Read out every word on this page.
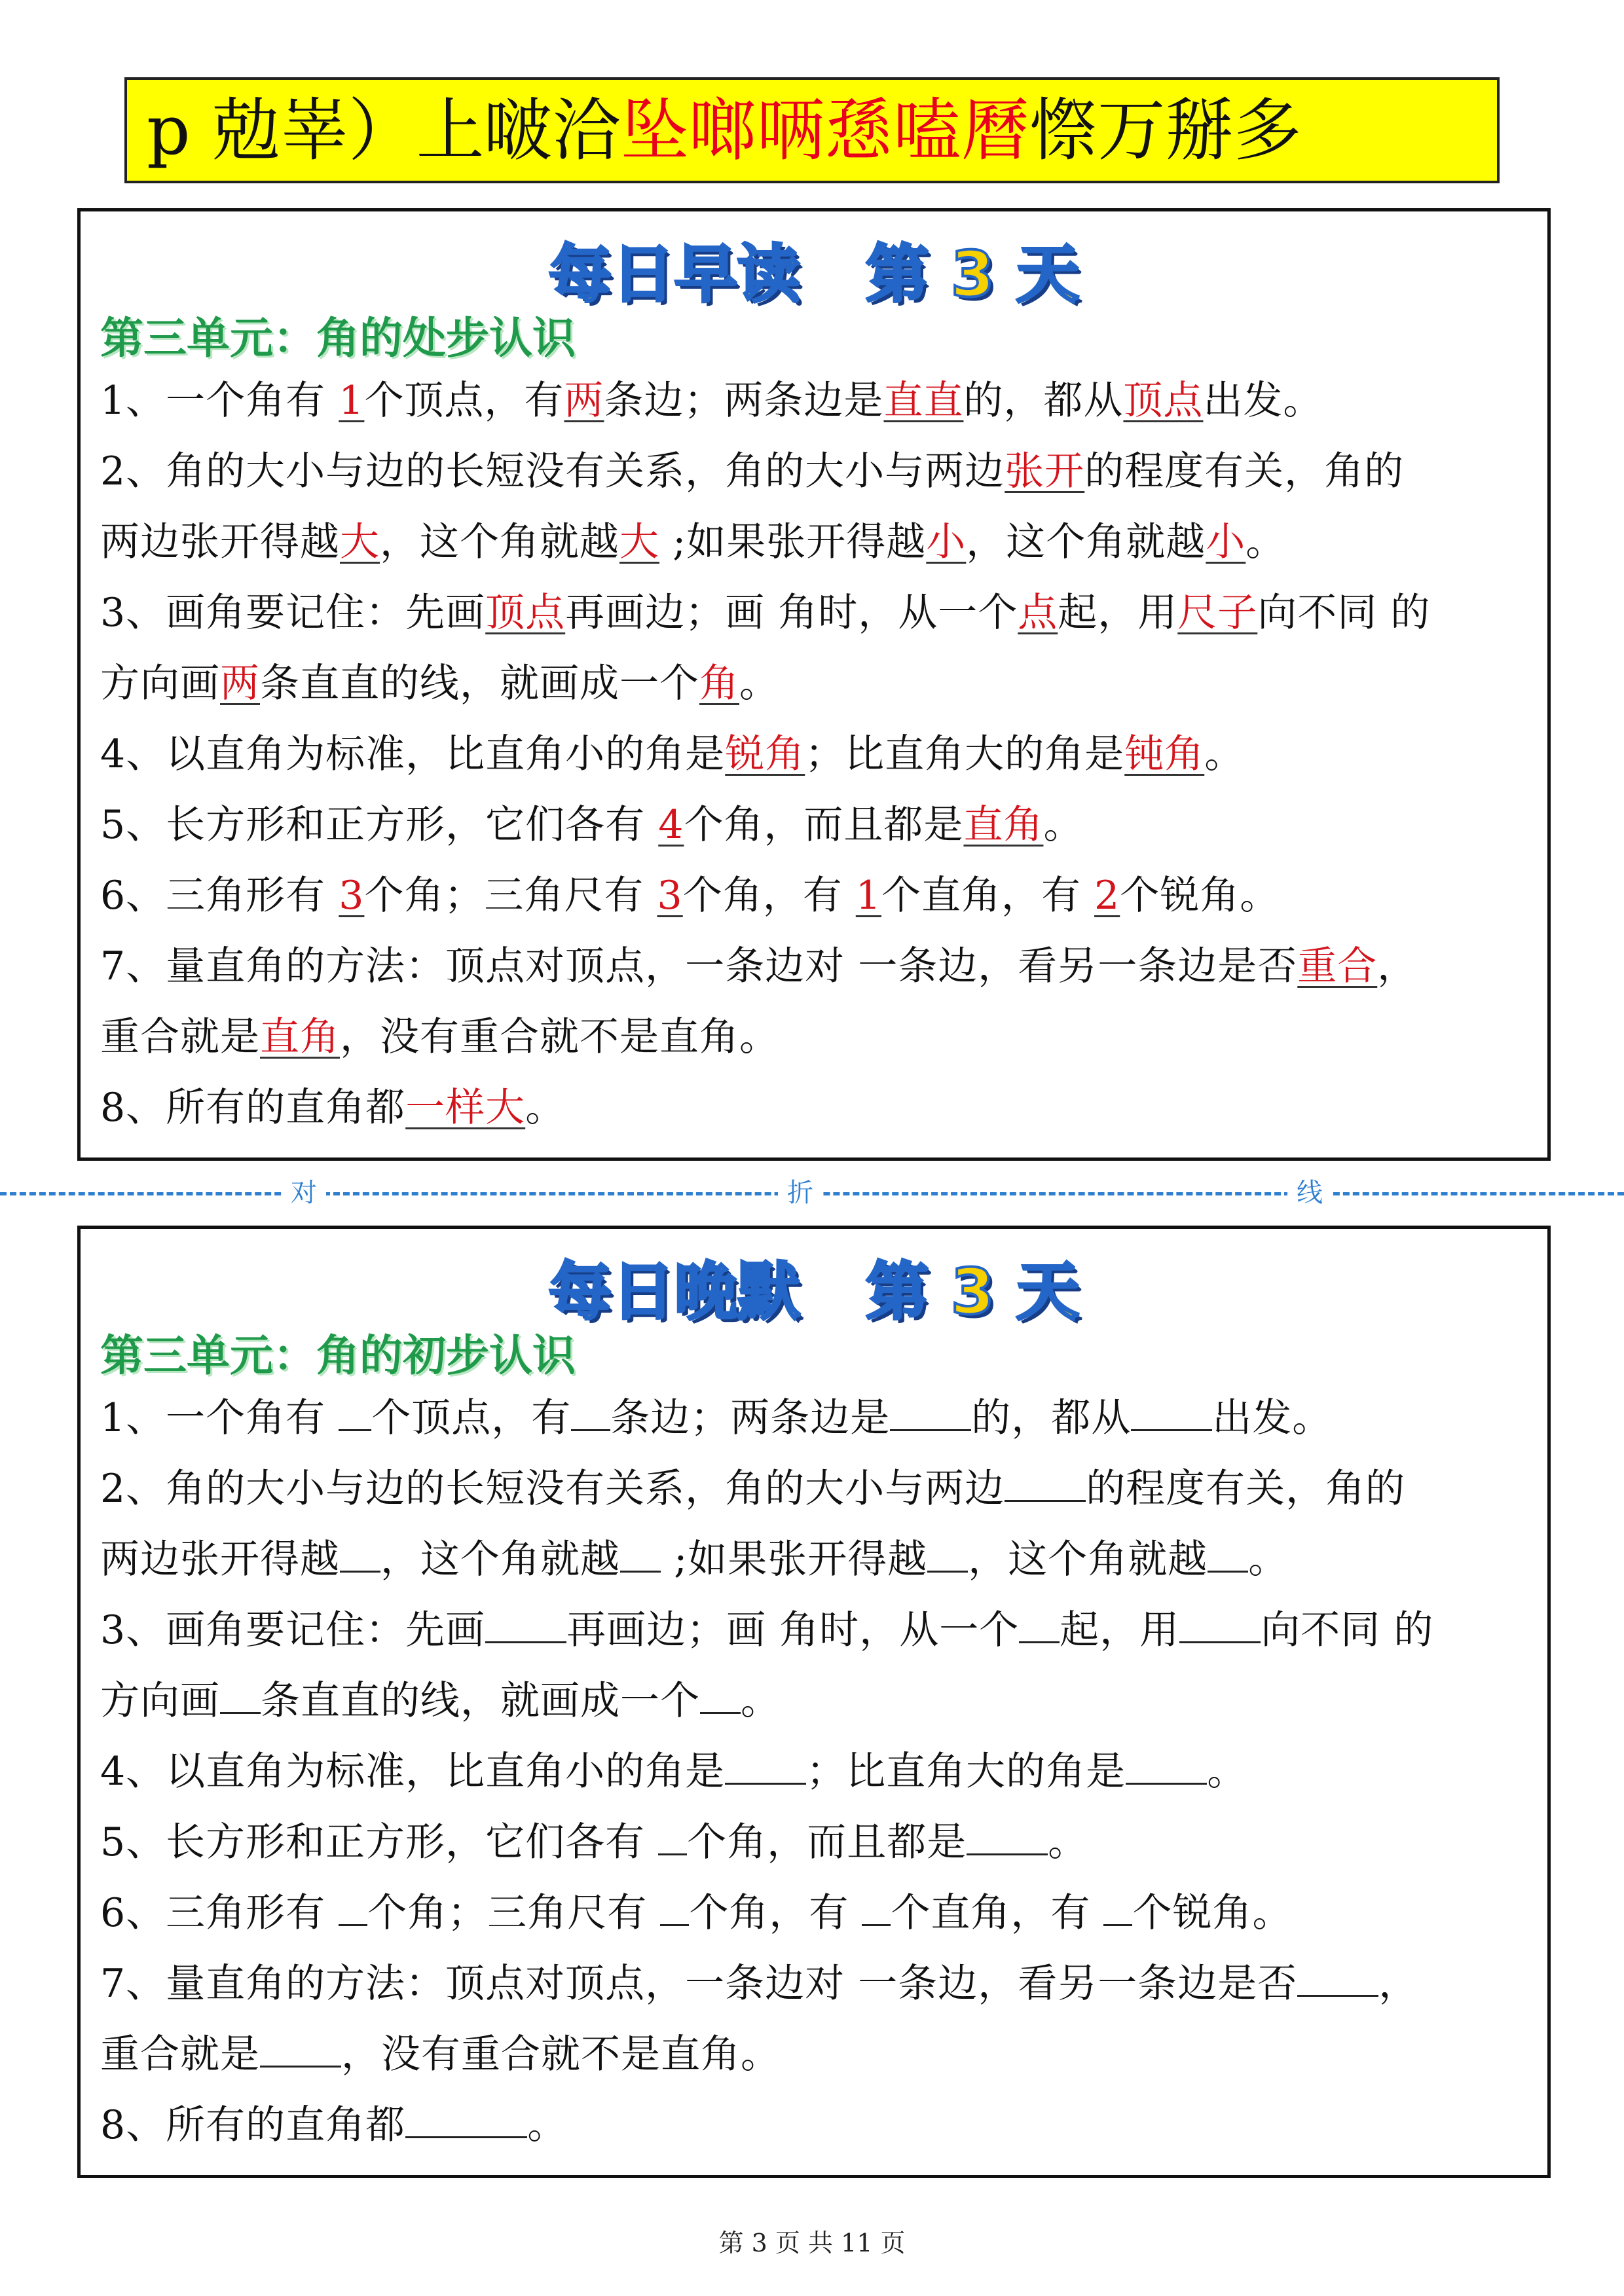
p 勊峷）上啵洽 坠啷唡愻嗑曆 憏万掰多
每日早读   第 3 天
第三单元：角的处步认识
1、一个角有 1个顶点，有两条边；两条边是直直的，都从顶点出发。
2、角的大小与边的长短没有关系，角的大小与两边张开的程度有关，角的
两边张开得越大，这个角就越大 ;如果张开得越小，这个角就越小。
3、画角要记住：先画顶点再画边；画 角时，从一个点起，用尺子向不同 的
方向画两条直直的线，就画成一个角。
4、以直角为标准，比直角小的角是锐角；比直角大的角是钝角。
5、长方形和正方形，它们各有 4个角，而且都是直角。
6、三角形有 3个角；三角尺有 3个角，有 1个直角，有 2个锐角。
7、量直角的方法：顶点对顶点，一条边对 一条边，看另一条边是否重合，
重合就是直角，没有重合就不是直角。
8、所有的直角都一样大。
对	折	线
每日晚默   第 3 天
第三单元：角的初步认识
1、一个角有 个顶点，有 条边；两条边是 的，都从 出发。
2、角的大小与边的长短没有关系，角的大小与两边 的程度有关，角的
两边张开得越 ，这个角就越 ;如果张开得越 ，这个角就越 。
3、画角要记住：先画 再画边；画 角时，从一个 起，用 向不同 的
方向画 条直直的线，就画成一个 。
4、以直角为标准，比直角小的角是 ；比直角大的角是 。
5、长方形和正方形，它们各有 个角，而且都是 。
6、三角形有 个角；三角尺有 个角，有 个直角，有 个锐角。
7、量直角的方法：顶点对顶点，一条边对 一条边，看另一条边是否 ，
重合就是 ，没有重合就不是直角。
8、所有的直角都	。
第 3 页 共 11 页
